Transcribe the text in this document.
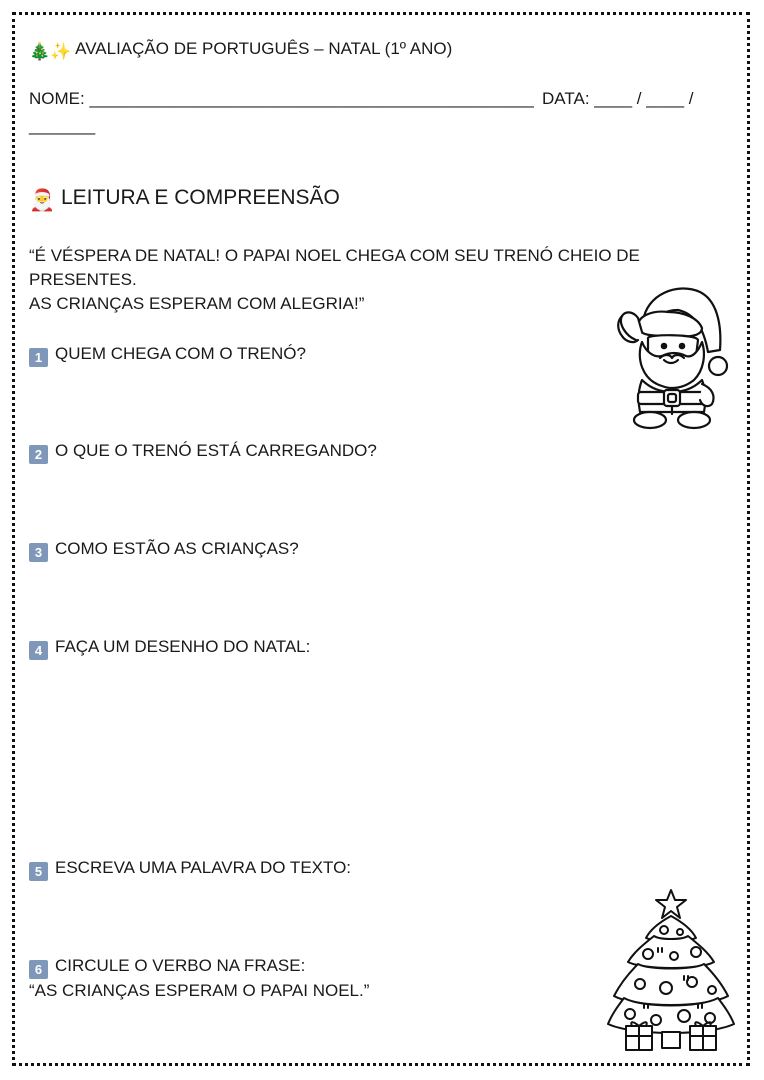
🎄✨ AVALIAÇÃO DE PORTUGUÊS – NATAL (1º ANO)
NOME: _______________________________________________ DATA: ____ / ____ /
_______
🎅 LEITURA E COMPREENSÃO
“É VÉSPERA DE NATAL! O PAPAI NOEL CHEGA COM SEU TRENÓ CHEIO DE
PRESENTES.
AS CRIANÇAS ESPERAM COM ALEGRIA!”
1 QUEM CHEGA COM O TRENÓ?
2 O QUE O TRENÓ ESTÁ CARREGANDO?
3 COMO ESTÃO AS CRIANÇAS?
4 FAÇA UM DESENHO DO NATAL:
5 ESCREVA UMA PALAVRA DO TEXTO:
6 CIRCULE O VERBO NA FRASE:
“AS CRIANÇAS ESPERAM O PAPAI NOEL.”
